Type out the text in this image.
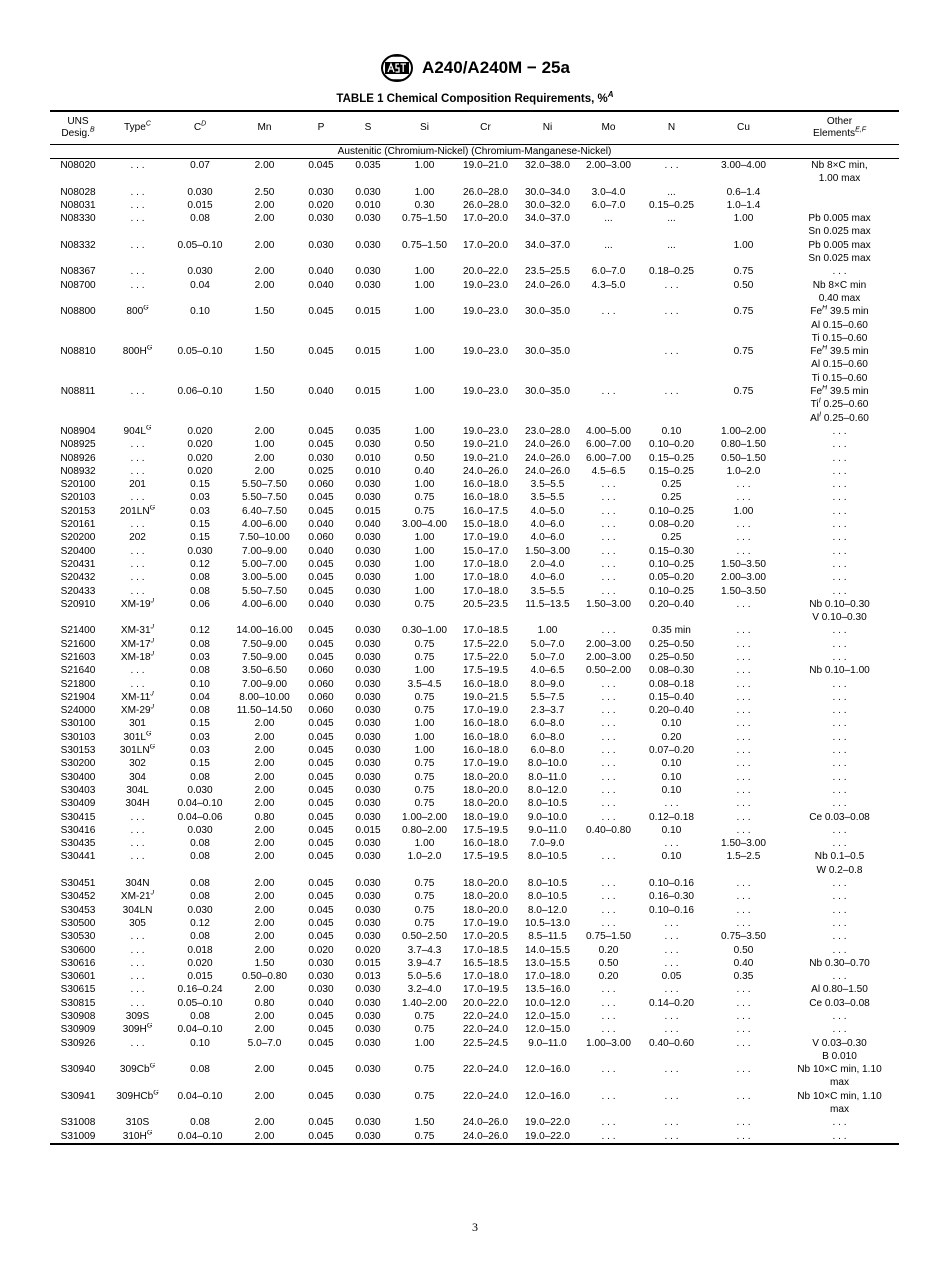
A240/A240M − 25a
TABLE 1 Chemical Composition Requirements, %$^A$
UNS
Desig.$^B$	Type$^C$	$C^D$	Mn	P	S	Si	Cr	Ni	Mo	N	Cu	Other
Elements$^{E,F}$
Austenitic (Chromium-Nickel) (Chromium-Manganese-Nickel)												
N08020	. . .	0.07	2.00	0.045	0.035	1.00	19.0–21.0	32.0–38.0	2.00–3.00	. . .	3.00–4.00	Nb 8×C min,
1.00 max
N08028	. . .	0.030	2.50	0.030	0.030	1.00	26.0–28.0	30.0–34.0	3.0–4.0	...	0.6–1.4	
N08031	. . .	0.015	2.00	0.020	0.010	0.30	26.0–28.0	30.0–32.0	6.0–7.0	0.15–0.25	1.0–1.4	
N08330	. . .	0.08	2.00	0.030	0.030	0.75–1.50	17.0–20.0	34.0–37.0	...	...	1.00	Pb 0.005 max
Sn 0.025 max
N08332	. . .	0.05–0.10	2.00	0.030	0.030	0.75–1.50	17.0–20.0	34.0–37.0	...	...	1.00	Pb 0.005 max
Sn 0.025 max
N08367	. . .	0.030	2.00	0.040	0.030	1.00	20.0–22.0	23.5–25.5	6.0–7.0	0.18–0.25	0.75	. . .
N08700	. . .	0.04	2.00	0.040	0.030	1.00	19.0–23.0	24.0–26.0	4.3–5.0	. . .	0.50	Nb 8×C min
0.40 max
N08800	$800^G$	0.10	1.50	0.045	0.015	1.00	19.0–23.0	30.0–35.0	. . .	. . .	0.75	$Fe^H$ 39.5 min
Al 0.15–0.60
Ti 0.15–0.60
N08810	$800H^G$	0.05–0.10	1.50	0.045	0.015	1.00	19.0–23.0	30.0–35.0		. . .	0.75	$Fe^H$ 39.5 min
Al 0.15–0.60
Ti 0.15–0.60
N08811	. . .	0.06–0.10	1.50	0.040	0.015	1.00	19.0–23.0	30.0–35.0	. . .	. . .	0.75	$Fe^H$ 39.5 min
$Ti^I$ 0.25–0.60
$Al^I$ 0.25–0.60
N08904	$904L^G$	0.020	2.00	0.045	0.035	1.00	19.0–23.0	23.0–28.0	4.00–5.00	0.10	1.00–2.00	. . .
N08925	. . .	0.020	1.00	0.045	0.030	0.50	19.0–21.0	24.0–26.0	6.00–7.00	0.10–0.20	0.80–1.50	. . .
N08926	. . .	0.020	2.00	0.030	0.010	0.50	19.0–21.0	24.0–26.0	6.00–7.00	0.15–0.25	0.50–1.50	. . .
N08932	. . .	0.020	2.00	0.025	0.010	0.40	24.0–26.0	24.0–26.0	4.5–6.5	0.15–0.25	1.0–2.0	. . .
S20100	201	0.15	5.50–7.50	0.060	0.030	1.00	16.0–18.0	3.5–5.5	. . .	0.25	. . .	. . .
S20103	. . .	0.03	5.50–7.50	0.045	0.030	0.75	16.0–18.0	3.5–5.5	. . .	0.25	. . .	. . .
S20153	$201LN^G$	0.03	6.40–7.50	0.045	0.015	0.75	16.0–17.5	4.0–5.0	. . .	0.10–0.25	1.00	. . .
S20161	. . .	0.15	4.00–6.00	0.040	0.040	3.00–4.00	15.0–18.0	4.0–6.0	. . .	0.08–0.20	. . .	. . .
S20200	202	0.15	7.50–10.00	0.060	0.030	1.00	17.0–19.0	4.0–6.0	. . .	0.25	. . .	. . .
S20400	. . .	0.030	7.00–9.00	0.040	0.030	1.00	15.0–17.0	1.50–3.00	. . .	0.15–0.30	. . .	. . .
S20431	. . .	0.12	5.00–7.00	0.045	0.030	1.00	17.0–18.0	2.0–4.0	. . .	0.10–0.25	1.50–3.50	. . .
S20432	. . .	0.08	3.00–5.00	0.045	0.030	1.00	17.0–18.0	4.0–6.0	. . .	0.05–0.20	2.00–3.00	. . .
S20433	. . .	0.08	5.50–7.50	0.045	0.030	1.00	17.0–18.0	3.5–5.5	. . .	0.10–0.25	1.50–3.50	. . .
S20910	$XM-19^J$	0.06	4.00–6.00	0.040	0.030	0.75	20.5–23.5	11.5–13.5	1.50–3.00	0.20–0.40	. . .	Nb 0.10–0.30
V 0.10–0.30
S21400	$XM-31^J$	0.12	14.00–16.00	0.045	0.030	0.30–1.00	17.0–18.5	1.00	. . .	0.35 min	. . .	. . .
S21600	$XM-17^J$	0.08	7.50–9.00	0.045	0.030	0.75	17.5–22.0	5.0–7.0	2.00–3.00	0.25–0.50	. . .	. . .
S21603	$XM-18^J$	0.03	7.50–9.00	0.045	0.030	0.75	17.5–22.0	5.0–7.0	2.00–3.00	0.25–0.50	. . .	. . .
S21640	. . .	0.08	3.50–6.50	0.060	0.030	1.00	17.5–19.5	4.0–6.5	0.50–2.00	0.08–0.30	. . .	Nb 0.10–1.00
S21800	. . .	0.10	7.00–9.00	0.060	0.030	3.5–4.5	16.0–18.0	8.0–9.0	. . .	0.08–0.18	. . .	. . .
S21904	$XM-11^J$	0.04	8.00–10.00	0.060	0.030	0.75	19.0–21.5	5.5–7.5	. . .	0.15–0.40	. . .	. . .
S24000	$XM-29^J$	0.08	11.50–14.50	0.060	0.030	0.75	17.0–19.0	2.3–3.7	. . .	0.20–0.40	. . .	. . .
S30100	301	0.15	2.00	0.045	0.030	1.00	16.0–18.0	6.0–8.0	. . .	0.10	. . .	. . .
S30103	$301L^G$	0.03	2.00	0.045	0.030	1.00	16.0–18.0	6.0–8.0	. . .	0.20	. . .	. . .
S30153	$301LN^G$	0.03	2.00	0.045	0.030	1.00	16.0–18.0	6.0–8.0	. . .	0.07–0.20	. . .	. . .
S30200	302	0.15	2.00	0.045	0.030	0.75	17.0–19.0	8.0–10.0	. . .	0.10	. . .	. . .
S30400	304	0.08	2.00	0.045	0.030	0.75	18.0–20.0	8.0–11.0	. . .	0.10	. . .	. . .
S30403	304L	0.030	2.00	0.045	0.030	0.75	18.0–20.0	8.0–12.0	. . .	0.10	. . .	. . .
S30409	304H	0.04–0.10	2.00	0.045	0.030	0.75	18.0–20.0	8.0–10.5	. . .	. . .	. . .	. . .
S30415	. . .	0.04–0.06	0.80	0.045	0.030	1.00–2.00	18.0–19.0	9.0–10.0	. . .	0.12–0.18	. . .	Ce 0.03–0.08
S30416	. . .	0.030	2.00	0.045	0.015	0.80–2.00	17.5–19.5	9.0–11.0	0.40–0.80	0.10	. . .	. . .
S30435	. . .	0.08	2.00	0.045	0.030	1.00	16.0–18.0	7.0–9.0		. . .	1.50–3.00	. . .
S30441	. . .	0.08	2.00	0.045	0.030	1.0–2.0	17.5–19.5	8.0–10.5	. . .	0.10	1.5–2.5	Nb 0.1–0.5
W 0.2–0.8
S30451	304N	0.08	2.00	0.045	0.030	0.75	18.0–20.0	8.0–10.5	. . .	0.10–0.16	. . .	. . .
S30452	$XM-21^J$	0.08	2.00	0.045	0.030	0.75	18.0–20.0	8.0–10.5	. . .	0.16–0.30	. . .	. . .
S30453	304LN	0.030	2.00	0.045	0.030	0.75	18.0–20.0	8.0–12.0	. . .	0.10–0.16	. . .	. . .
S30500	305	0.12	2.00	0.045	0.030	0.75	17.0–19.0	10.5–13.0	. . .	. . .	. . .	. . .
S30530	. . .	0.08	2.00	0.045	0.030	0.50–2.50	17.0–20.5	8.5–11.5	0.75–1.50	. . .	0.75–3.50	. . .
S30600	. . .	0.018	2.00	0.020	0.020	3.7–4.3	17.0–18.5	14.0–15.5	0.20	. . .	0.50	. . .
S30616	. . .	0.020	1.50	0.030	0.015	3.9–4.7	16.5–18.5	13.0–15.5	0.50	. . .	0.40	Nb 0.30–0.70
S30601	. . .	0.015	0.50–0.80	0.030	0.013	5.0–5.6	17.0–18.0	17.0–18.0	0.20	0.05	0.35	. . .
S30615	. . .	0.16–0.24	2.00	0.030	0.030	3.2–4.0	17.0–19.5	13.5–16.0	. . .	. . .	. . .	Al 0.80–1.50
S30815	. . .	0.05–0.10	0.80	0.040	0.030	1.40–2.00	20.0–22.0	10.0–12.0	. . .	0.14–0.20	. . .	Ce 0.03–0.08
S30908	309S	0.08	2.00	0.045	0.030	0.75	22.0–24.0	12.0–15.0	. . .	. . .	. . .	. . .
S30909	$309H^G$	0.04–0.10	2.00	0.045	0.030	0.75	22.0–24.0	12.0–15.0	. . .	. . .	. . .	. . .
S30926	. . .	0.10	5.0–7.0	0.045	0.030	1.00	22.5–24.5	9.0–11.0	1.00–3.00	0.40–0.60	. . .	V 0.03–0.30
B 0.010
S30940	$309Cb^G$	0.08	2.00	0.045	0.030	0.75	22.0–24.0	12.0–16.0	. . .	. . .	. . .	Nb 10×C min, 1.10
max
S30941	309HCb$^G$	0.04–0.10	2.00	0.045	0.030	0.75	22.0–24.0	12.0–16.0	. . .	. . .	. . .	Nb 10×C min, 1.10
max
S31008	310S	0.08	2.00	0.045	0.030	1.50	24.0–26.0	19.0–22.0	. . .	. . .	. . .	. . .
S31009	$310H^G$	0.04–0.10	2.00	0.045	0.030	0.75	24.0–26.0	19.0–22.0	. . .	. . .	. . .	. . .
3
